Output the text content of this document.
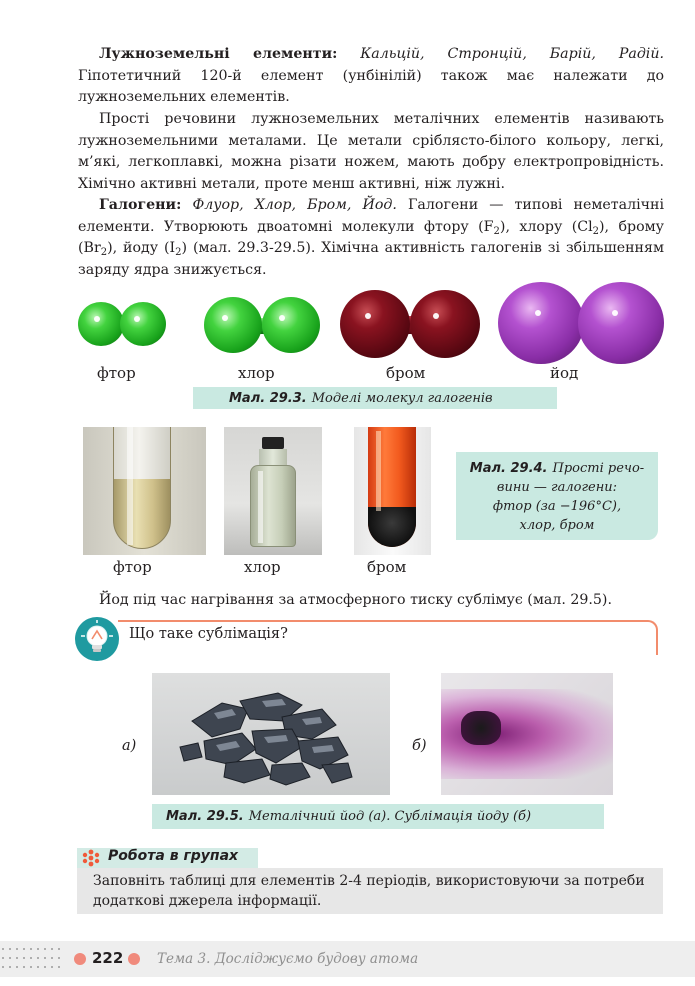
Лужноземельні елементи: Кальцій, Стронцій, Барій, Радій. Гіпотетичний 120-й елемент (унбінілій) також має належати до лужноземельних елементів.

Прості речовини лужноземельних металічних елементів називають лужноземельними металами. Це метали сріблясто-білого кольору, легкі, м’які, легкоплавкі, можна різати ножем, мають добру електропровідність. Хімічно активні метали, проте менш активні, ніж лужні.

Галогени: Флуор, Хлор, Бром, Йод. Галогени — типові неметалічні елементи. Утворюють двоатомні молекули фтору $(F_2)$, хлору $(Cl_2)$, брому $(Br_2)$, йоду $(I_2)$ (мал. 29.3-29.5). Хімічна активність галогенів зі збільшенням заряду ядра знижується.

фтор	хлор	бром	йод
Мал. 29.3. Моделі молекул галогенів
фтор	хлор	бром
Мал. 29.4. Прості речо-
вини — галогени:
фтор (за −196°C),
хлор, бром

Йод під час нагрівання за атмосферного тиску сублімує (мал. 29.5).

Що таке сублімація?
а)	б)
Мал. 29.5. Металічний йод (а). Сублімація йоду (б)
Робота в групах
Заповніть таблиці для елементів 2-4 періодів, використовуючи за потреби додаткові джерела інформації.
222 Тема 3. Досліджуємо будову атома
